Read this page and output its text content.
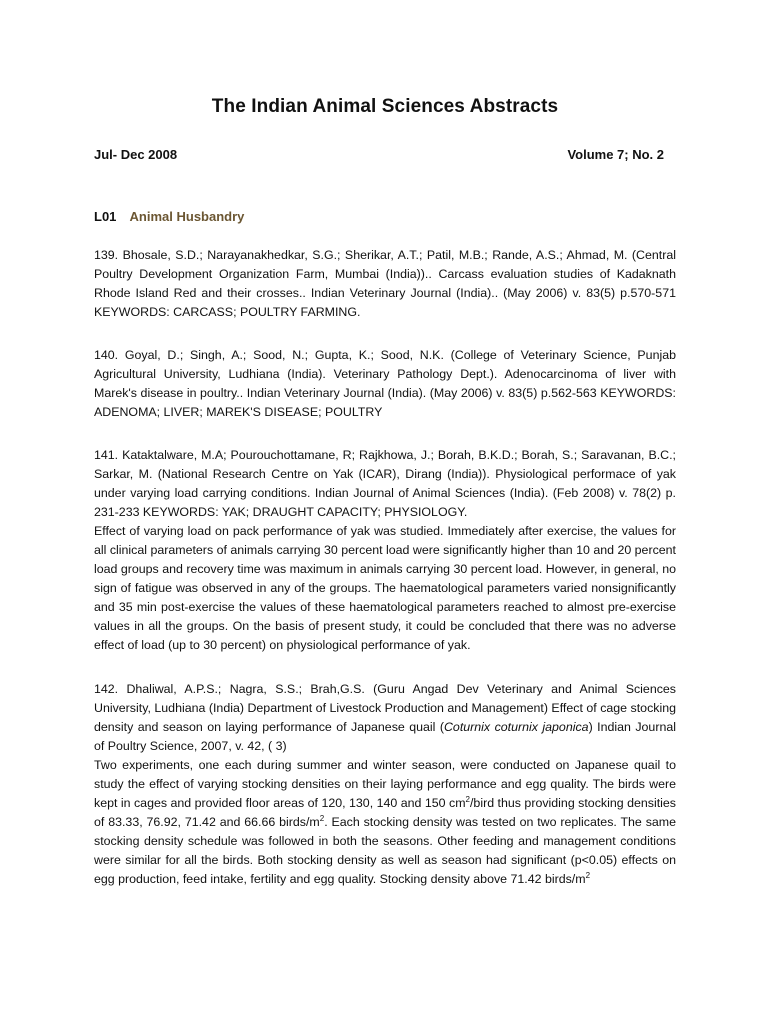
The Indian Animal Sciences Abstracts
Jul- Dec 2008	Volume 7; No. 2
L01 Animal Husbandry

139. Bhosale, S.D.; Narayanakhedkar, S.G.; Sherikar, A.T.; Patil, M.B.; Rande, A.S.; Ahmad, M. (Central Poultry Development Organization Farm, Mumbai (India)).. Carcass evaluation studies of Kadaknath Rhode Island Red and their crosses.. Indian Veterinary Journal (India).. (May 2006) v. 83(5) p.570-571 KEYWORDS: CARCASS; POULTRY FARMING.

140. Goyal, D.; Singh, A.; Sood, N.; Gupta, K.; Sood, N.K. (College of Veterinary Science, Punjab Agricultural University, Ludhiana (India). Veterinary Pathology Dept.). Adenocarcinoma of liver with Marek's disease in poultry.. Indian Veterinary Journal (India). (May 2006) v. 83(5) p.562-563 KEYWORDS: ADENOMA; LIVER; MAREK'S DISEASE; POULTRY

141. Kataktalware, M.A; Pourouchottamane, R; Rajkhowa, J.; Borah, B.K.D.; Borah, S.; Saravanan, B.C.; Sarkar, M. (National Research Centre on Yak (ICAR), Dirang (India)). Physiological performace of yak under varying load carrying conditions. Indian Journal of Animal Sciences (India). (Feb 2008) v. 78(2) p. 231-233 KEYWORDS: YAK; DRAUGHT CAPACITY; PHYSIOLOGY.

Effect of varying load on pack performance of yak was studied. Immediately after exercise, the values for all clinical parameters of animals carrying 30 percent load were significantly higher than 10 and 20 percent load groups and recovery time was maximum in animals carrying 30 percent load. However, in general, no sign of fatigue was observed in any of the groups. The haematological parameters varied nonsignificantly and 35 min post-exercise the values of these haematological parameters reached to almost pre-exercise values in all the groups. On the basis of present study, it could be concluded that there was no adverse effect of load (up to 30 percent) on physiological performance of yak.

142. Dhaliwal, A.P.S.; Nagra, S.S.; Brah,G.S. (Guru Angad Dev Veterinary and Animal Sciences University, Ludhiana (India) Department of Livestock Production and Management) Effect of cage stocking density and season on laying performance of Japanese quail (Coturnix coturnix japonica) Indian Journal of Poultry Science, 2007, v. 42, ( 3)

Two experiments, one each during summer and winter season, were conducted on Japanese quail to study the effect of varying stocking densities on their laying performance and egg quality. The birds were kept in cages and provided floor areas of 120, 130, 140 and 150 $cm^2$/bird thus providing stocking densities of 83.33, 76.92, 71.42 and 66.66 birds/$m^2$. Each stocking density was tested on two replicates. The same stocking density schedule was followed in both the seasons. Other feeding and management conditions were similar for all the birds. Both stocking density as well as season had significant (p<0.05) effects on egg production, feed intake, fertility and egg quality. Stocking density above 71.42 birds/$m^2$
